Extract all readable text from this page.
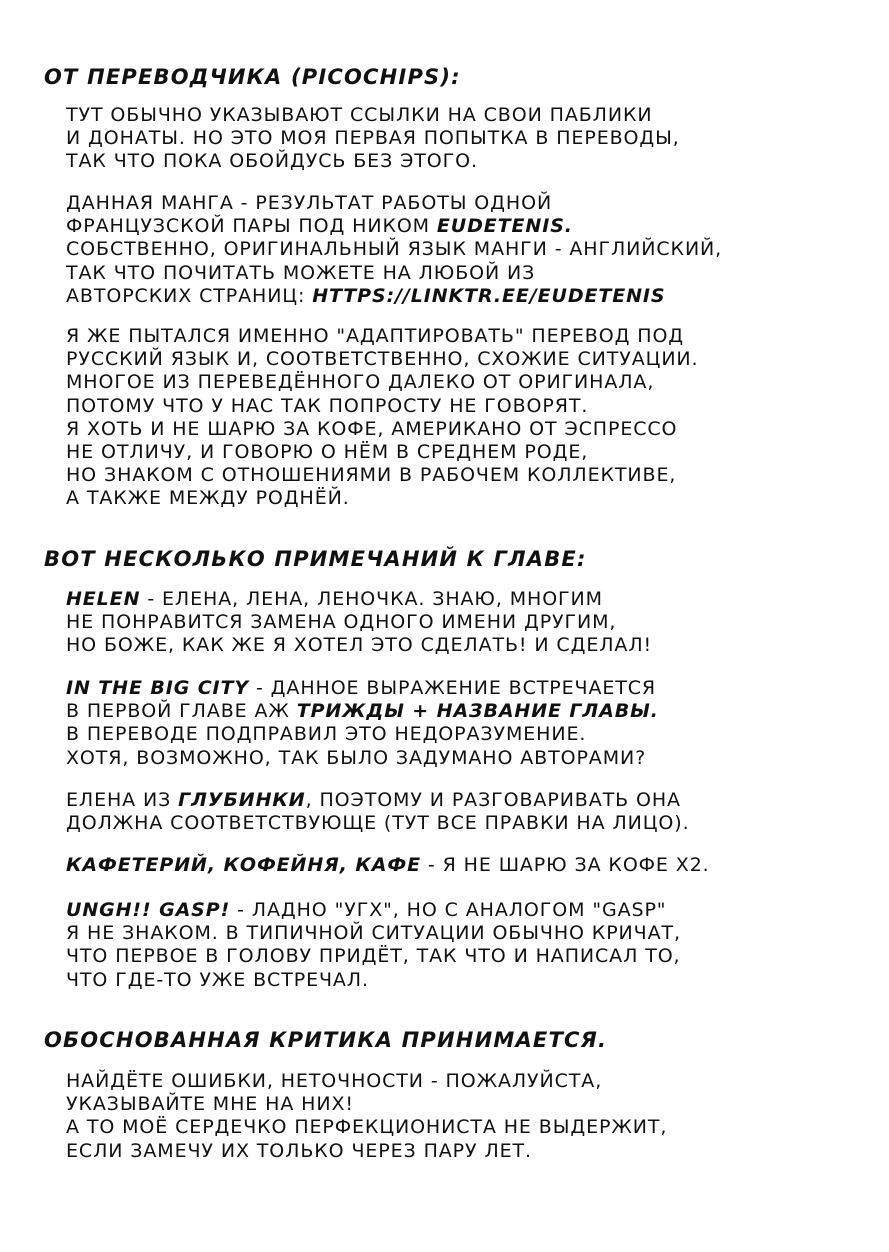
ОТ ПЕРЕВОДЧИКА (PICOCHIPS):
ТУТ ОБЫЧНО УКАЗЫВАЮТ ССЫЛКИ НА СВОИ ПАБЛИКИ
И ДОНАТЫ. НО ЭТО МОЯ ПЕРВАЯ ПОПЫТКА В ПЕРЕВОДЫ,
ТАК ЧТО ПОКА ОБОЙДУСЬ БЕЗ ЭТОГО.
ДАННАЯ МАНГА - РЕЗУЛЬТАТ РАБОТЫ ОДНОЙ
ФРАНЦУЗСКОЙ ПАРЫ ПОД НИКОМ EUDETENIS.
СОБСТВЕННО, ОРИГИНАЛЬНЫЙ ЯЗЫК МАНГИ - АНГЛИЙСКИЙ,
ТАК ЧТО ПОЧИТАТЬ МОЖЕТЕ НА ЛЮБОЙ ИЗ
АВТОРСКИХ СТРАНИЦ: HTTPS://LINKTR.EE/EUDETENIS
Я ЖЕ ПЫТАЛСЯ ИМЕННО "АДАПТИРОВАТЬ" ПЕРЕВОД ПОД
РУССКИЙ ЯЗЫК И, СООТВЕТСТВЕННО, СХОЖИЕ СИТУАЦИИ.
МНОГОЕ ИЗ ПЕРЕВЕДЁННОГО ДАЛЕКО ОТ ОРИГИНАЛА,
ПОТОМУ ЧТО У НАС ТАК ПОПРОСТУ НЕ ГОВОРЯТ.
Я ХОТЬ И НЕ ШАРЮ ЗА КОФЕ, АМЕРИКАНО ОТ ЭСПРЕССО
НЕ ОТЛИЧУ, И ГОВОРЮ О НЁМ В СРЕДНЕМ РОДЕ,
НО ЗНАКОМ С ОТНОШЕНИЯМИ В РАБОЧЕМ КОЛЛЕКТИВЕ,
А ТАКЖЕ МЕЖДУ РОДНЁЙ.
ВОТ НЕСКОЛЬКО ПРИМЕЧАНИЙ К ГЛАВЕ:
HELEN - ЕЛЕНА, ЛЕНА, ЛЕНОЧКА. ЗНАЮ, МНОГИМ
НЕ ПОНРАВИТСЯ ЗАМЕНА ОДНОГО ИМЕНИ ДРУГИМ,
НО БОЖЕ, КАК ЖЕ Я ХОТЕЛ ЭТО СДЕЛАТЬ! И СДЕЛАЛ!
IN THE BIG CITY - ДАННОЕ ВЫРАЖЕНИЕ ВСТРЕЧАЕТСЯ
В ПЕРВОЙ ГЛАВЕ АЖ ТРИЖДЫ + НАЗВАНИЕ ГЛАВЫ.
В ПЕРЕВОДЕ ПОДПРАВИЛ ЭТО НЕДОРАЗУМЕНИЕ.
ХОТЯ, ВОЗМОЖНО, ТАК БЫЛО ЗАДУМАНО АВТОРАМИ?
ЕЛЕНА ИЗ ГЛУБИНКИ, ПОЭТОМУ И РАЗГОВАРИВАТЬ ОНА
ДОЛЖНА СООТВЕТСТВУЮЩЕ (ТУТ ВСЕ ПРАВКИ НА ЛИЦО).
КАФЕТЕРИЙ, КОФЕЙНЯ, КАФЕ - Я НЕ ШАРЮ ЗА КОФЕ Х2.
UNGH!! GASP! - ЛАДНО "УГХ", НО С АНАЛОГОМ "GASP"
Я НЕ ЗНАКОМ. В ТИПИЧНОЙ СИТУАЦИИ ОБЫЧНО КРИЧАТ,
ЧТО ПЕРВОЕ В ГОЛОВУ ПРИДЁТ, ТАК ЧТО И НАПИСАЛ ТО,
ЧТО ГДЕ-ТО УЖЕ ВСТРЕЧАЛ.
ОБОСНОВАННАЯ КРИТИКА ПРИНИМАЕТСЯ.
НАЙДЁТЕ ОШИБКИ, НЕТОЧНОСТИ - ПОЖАЛУЙСТА,
УКАЗЫВАЙТЕ МНЕ НА НИХ!
А ТО МОЁ СЕРДЕЧКО ПЕРФЕКЦИОНИСТА НЕ ВЫДЕРЖИТ,
ЕСЛИ ЗАМЕЧУ ИХ ТОЛЬКО ЧЕРЕЗ ПАРУ ЛЕТ.
